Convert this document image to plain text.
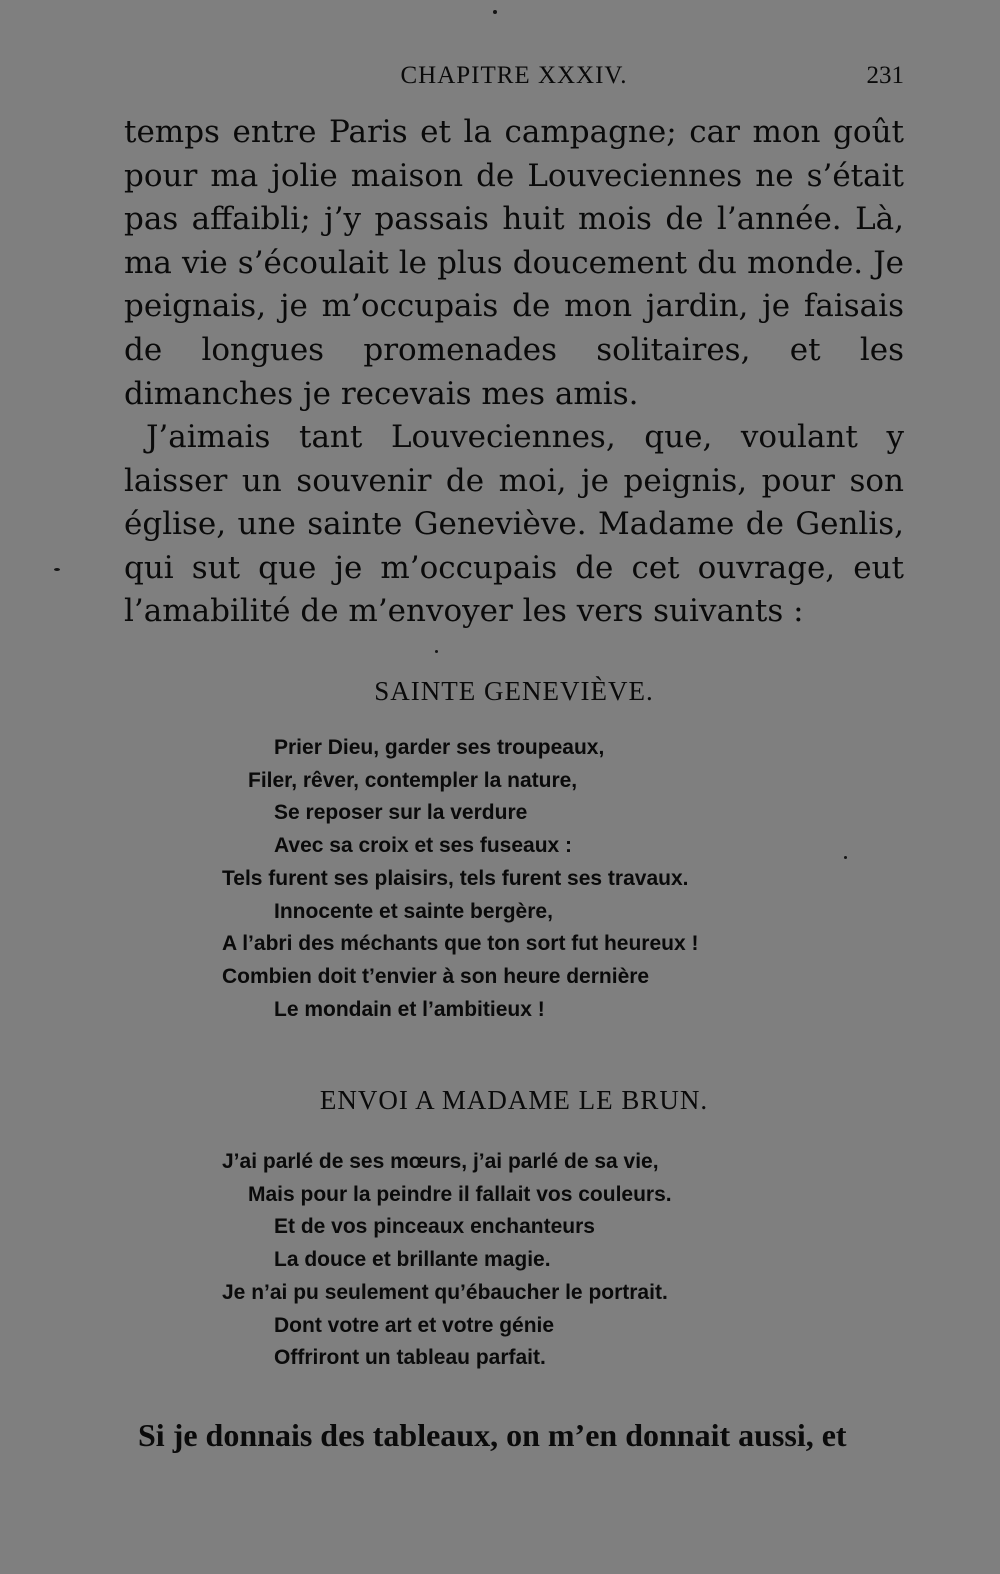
CHAPITRE XXXIV.	231

temps entre Paris et la campagne; car mon goût pour ma jolie maison de Louveciennes ne s’était pas affaibli; j’y passais huit mois de l’année. Là, ma vie s’écoulait le plus doucement du monde. Je peignais, je m’occupais de mon jardin, je faisais de longues promenades solitaires, et les dimanches je recevais mes amis.

J’aimais tant Louveciennes, que, voulant y laisser un souvenir de moi, je peignis, pour son église, une sainte Geneviève. Madame de Genlis, qui sut que je m’occupais de cet ouvrage, eut l’amabilité de m’envoyer les vers suivants :

SAINTE GENEVIÈVE.
Prier Dieu, garder ses troupeaux,
Filer, rêver, contempler la nature,
Se reposer sur la verdure
Avec sa croix et ses fuseaux :
Tels furent ses plaisirs, tels furent ses travaux.
Innocente et sainte bergère,
A l’abri des méchants que ton sort fut heureux !
Combien doit t’envier à son heure dernière
Le mondain et l’ambitieux !
ENVOI A MADAME LE BRUN.
J’ai parlé de ses mœurs, j’ai parlé de sa vie,
Mais pour la peindre il fallait vos couleurs.
Et de vos pinceaux enchanteurs
La douce et brillante magie.
Je n’ai pu seulement qu’ébaucher le portrait.
Dont votre art et votre génie
Offriront un tableau parfait.
Si je donnais des tableaux, on m’en donnait aussi, et
